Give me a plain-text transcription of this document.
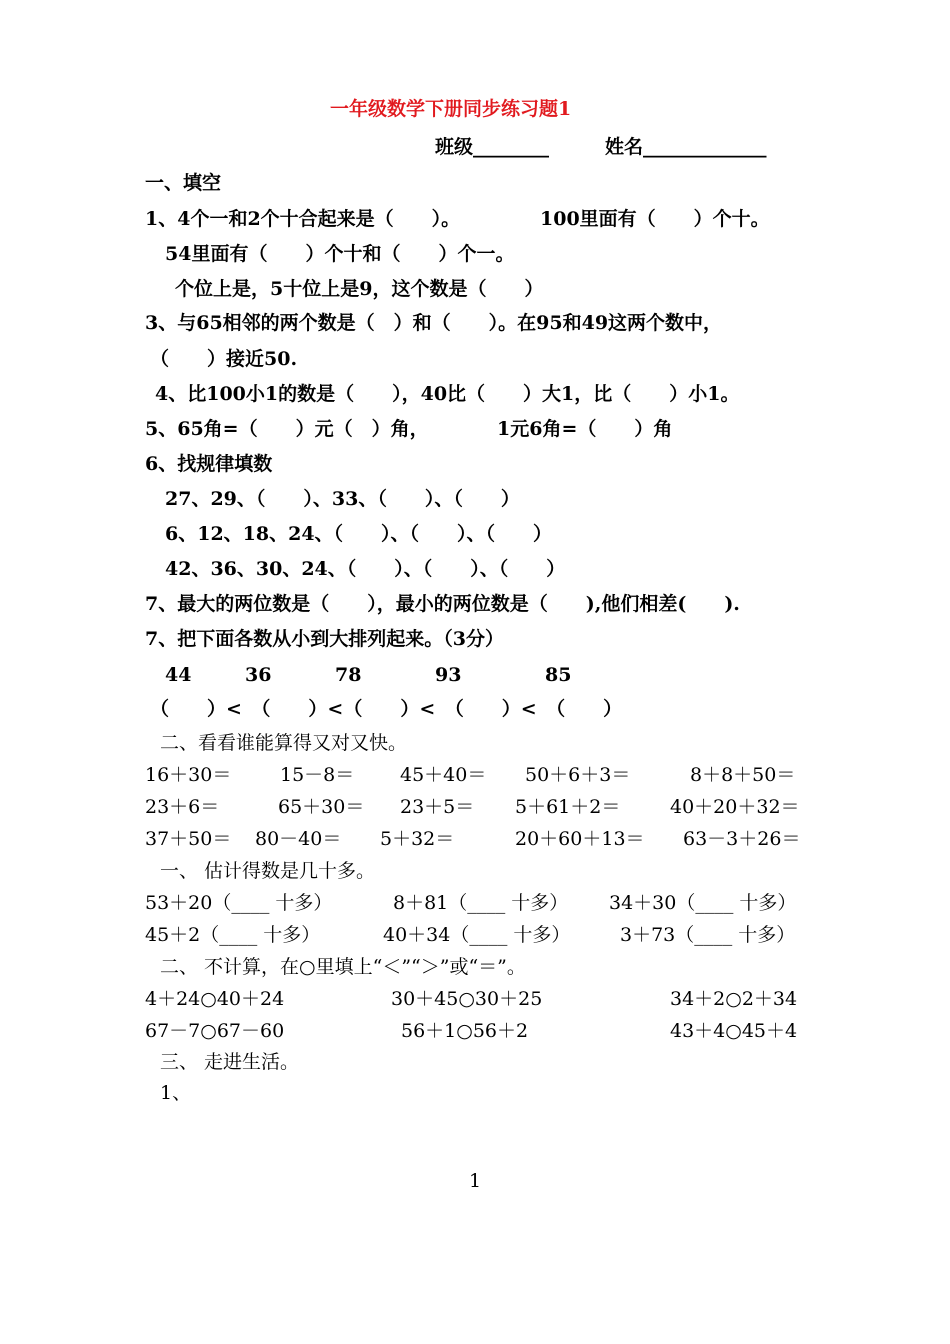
一年级数学下册同步练习题1
班级________	姓名_____________
一、填空
1、4个一和2个十合起来是（　　）。	100里面有（　　）个十。
54里面有（　　）个十和（　　）个一。
个位上是，5十位上是9，这个数是（　　）
3、与65相邻的两个数是（　）和（　　）。在95和49这两个数中，
（　　）接近50.
4、比100小1的数是（　　），40比（　　）大1，比（　　）小1。
5、65角=（　　）元（　）角，	1元6角=（　　）角
6、找规律填数
27、29、（　　）、33、（　　）、（　　）
6、12、18、24、（　　）、（　　）、（　　）
42、36、30、24、（　　）、（　　）、（　　）
7、最大的两位数是（　　），最小的两位数是（　　),他们相差(　　).
7、把下面各数从小到大排列起来。（3分）
44	36	78	93	85
（　　）<　（　　）<（　　）<　（　　）<　（　　）
二、看看谁能算得又对又快。
16＋30＝	15－8＝ 45＋40＝ 50＋6＋3＝	8＋8＋50＝
23＋6＝	65＋30＝ 23＋5＝ 5＋61＋2＝	40＋20＋32＝
37＋50＝ 80－40＝ 5＋32＝	20＋60＋13＝ 63－3＋26＝
一、 估计得数是几十多。
53＋20（____ 十多）	8＋81（____ 十多） 34＋30（____ 十多）
45＋2（____ 十多）	40＋34（____ 十多）	3＋73（____ 十多）
二、 不计算，在○里填上“＜”“＞”或“＝”。
4＋24○40＋24	30＋45○30＋25	34＋2○2＋34
67－7○67－60	56＋1○56＋2	43＋4○45＋4
三、 走进生活。
1、
1
